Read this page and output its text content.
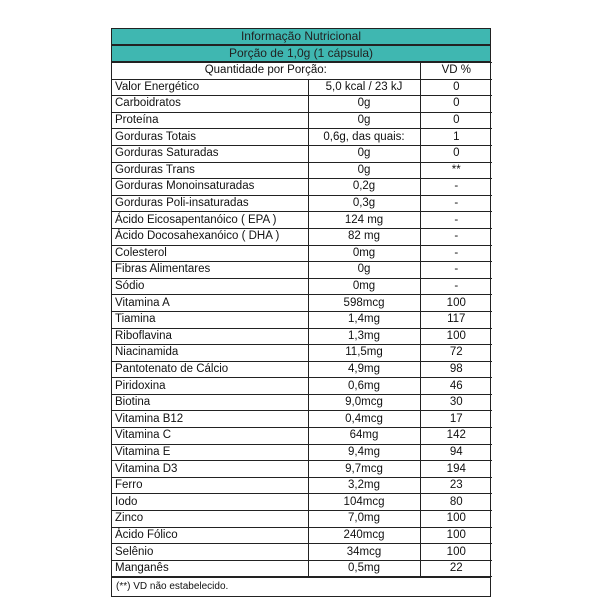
Informação Nutricional
Porção de 1,0g (1 cápsula)
Quantidade por Porção:		VD %
Valor Energético	5,0 kcal / 23 kJ	0
Carboidratos	0g	0
Proteína	0g	0
Gorduras Totais	0,6g, das quais:	1
Gorduras Saturadas	0g	0
Gorduras Trans	0g	**
Gorduras Monoinsaturadas	0,2g	-
Gorduras Poli-insaturadas	0,3g	-
Ácido Eicosapentanóico ( EPA )	124 mg	-
Ácido Docosahexanóico ( DHA )	82 mg	-
Colesterol	0mg	-
Fibras Alimentares	0g	-
Sódio	0mg	-
Vitamina A	598mcg	100
Tiamina	1,4mg	117
Riboflavina	1,3mg	100
Niacinamida	11,5mg	72
Pantotenato de Cálcio	4,9mg	98
Piridoxina	0,6mg	46
Biotina	9,0mcg	30
Vitamina B12	0,4mcg	17
Vitamina C	64mg	142
Vitamina E	9,4mg	94
Vitamina D3	9,7mcg	194
Ferro	3,2mg	23
Iodo	104mcg	80
Zinco	7,0mg	100
Ácido Fólico	240mcg	100
Selênio	34mcg	100
Manganês	0,5mg	22
(**) VD não estabelecido.
